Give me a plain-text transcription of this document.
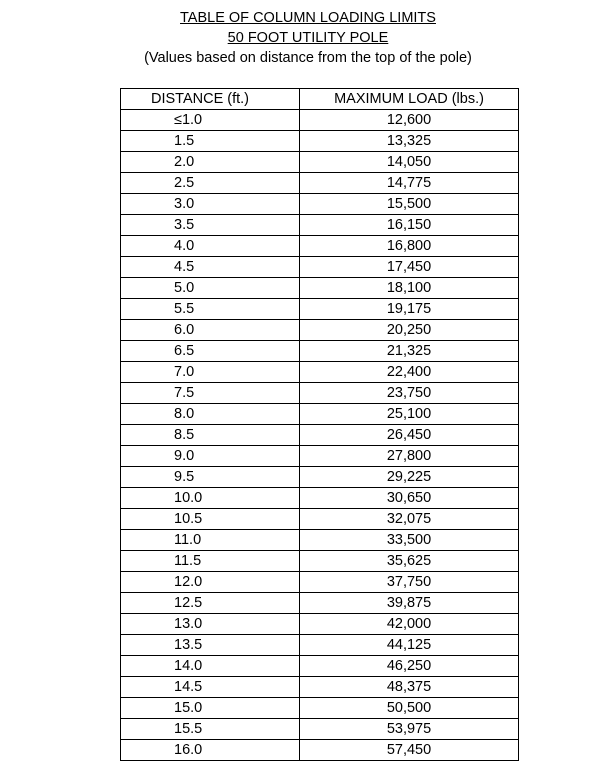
TABLE OF COLUMN LOADING LIMITS
50 FOOT UTILITY POLE
(Values based on distance from the top of the pole)
DISTANCE (ft.)	MAXIMUM LOAD (lbs.)
≤1.0	12,600
1.5	13,325
2.0	14,050
2.5	14,775
3.0	15,500
3.5	16,150
4.0	16,800
4.5	17,450
5.0	18,100
5.5	19,175
6.0	20,250
6.5	21,325
7.0	22,400
7.5	23,750
8.0	25,100
8.5	26,450
9.0	27,800
9.5	29,225
10.0	30,650
10.5	32,075
11.0	33,500
11.5	35,625
12.0	37,750
12.5	39,875
13.0	42,000
13.5	44,125
14.0	46,250
14.5	48,375
15.0	50,500
15.5	53,975
16.0	57,450
